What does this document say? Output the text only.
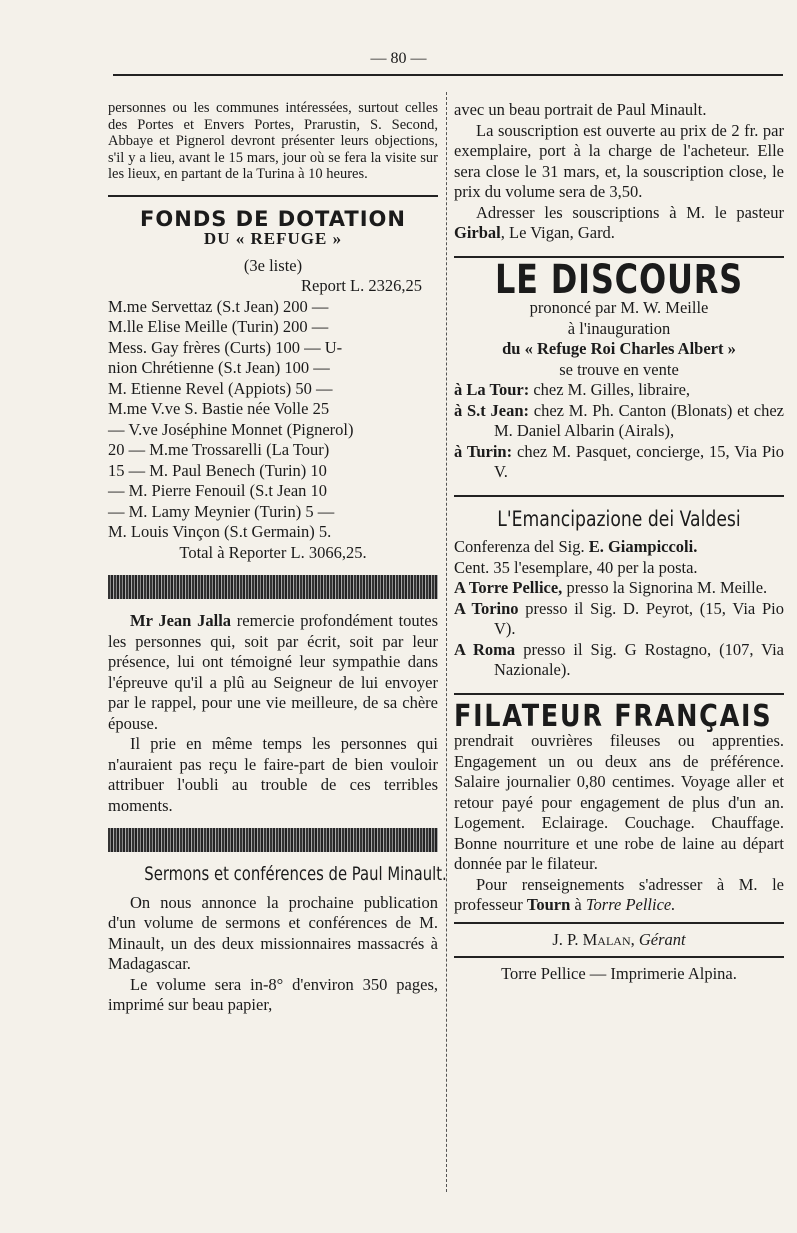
— 80 —

personnes ou les communes intéressées, surtout celles des Portes et Envers Portes, Prarustin, S. Second, Abbaye et Pignerol devront présenter leurs objections, s'il y a lieu, avant le 15 mars, jour où se fera la visite sur les lieux, en partant de la Turina à 10 heures.

FONDS DE DOTATION
DU « REFUGE »
(3e liste)
Report L. 2326,25
M.me Servettaz (S.t Jean) 200 —
M.lle Elise Meille (Turin) 200 —
Mess. Gay frères (Curts) 100 — U-
nion Chrétienne (S.t Jean) 100 —
M. Etienne Revel (Appiots) 50 —
M.me V.ve S. Bastie née Volle 25
— V.ve Joséphine Monnet (Pignerol)
20 — M.me Trossarelli (La Tour)
15 — M. Paul Benech (Turin) 10
— M. Pierre Fenouil (S.t Jean 10
— M. Lamy Meynier (Turin) 5 —
M. Louis Vinçon (S.t Germain) 5.
Total à Reporter L. 3066,25.

Mr Jean Jalla remercie profondément toutes les personnes qui, soit par écrit, soit par leur présence, lui ont témoigné leur sympathie dans l'épreuve qu'il a plû au Seigneur de lui envoyer par le rappel, pour une vie meilleure, de sa chère épouse.

Il prie en même temps les personnes qui n'auraient pas reçu le faire-part de bien vouloir attribuer l'oubli au trouble de ces terribles moments.

Sermons et conférences de Paul Minault.

On nous annonce la prochaine publication d'un volume de sermons et conférences de M. Minault, un des deux missionnaires massacrés à Madagascar.

Le volume sera in-8° d'environ 350 pages, imprimé sur beau papier,

avec un beau portrait de Paul Minault.

La souscription est ouverte au prix de 2 fr. par exemplaire, port à la charge de l'acheteur. Elle sera close le 31 mars, et, la souscription close, le prix du volume sera de 3,50.

Adresser les souscriptions à M. le pasteur Girbal, Le Vigan, Gard.

LE DISCOURS
prononcé par M. W. Meille
à l'inauguration
du « Refuge Roi Charles Albert »
se trouve en vente

à La Tour: chez M. Gilles, libraire,

à S.t Jean: chez M. Ph. Canton (Blonats) et chez M. Daniel Albarin (Airals),

à Turin: chez M. Pasquet, concierge, 15, Via Pio V.

L'Emancipazione dei Valdesi

Conferenza del Sig. E. Giampiccoli.

Cent. 35 l'esemplare, 40 per la posta.

A Torre Pellice, presso la Signorina M. Meille.

A Torino presso il Sig. D. Peyrot, (15, Via Pio V).

A Roma presso il Sig. G Rostagno, (107, Via Nazionale).

FILATEUR FRANÇAIS

prendrait ouvrières fileuses ou apprenties. Engagement un ou deux ans de préférence. Salaire journalier 0,80 centimes. Voyage aller et retour payé pour engagement de plus d'un an. Logement. Eclairage. Couchage. Chauffage. Bonne nourriture et une robe de laine au départ donnée par le filateur.

Pour renseignements s'adresser à M. le professeur Tourn à Torre Pellice.

J. P. Malan, Gérant
Torre Pellice — Imprimerie Alpina.
